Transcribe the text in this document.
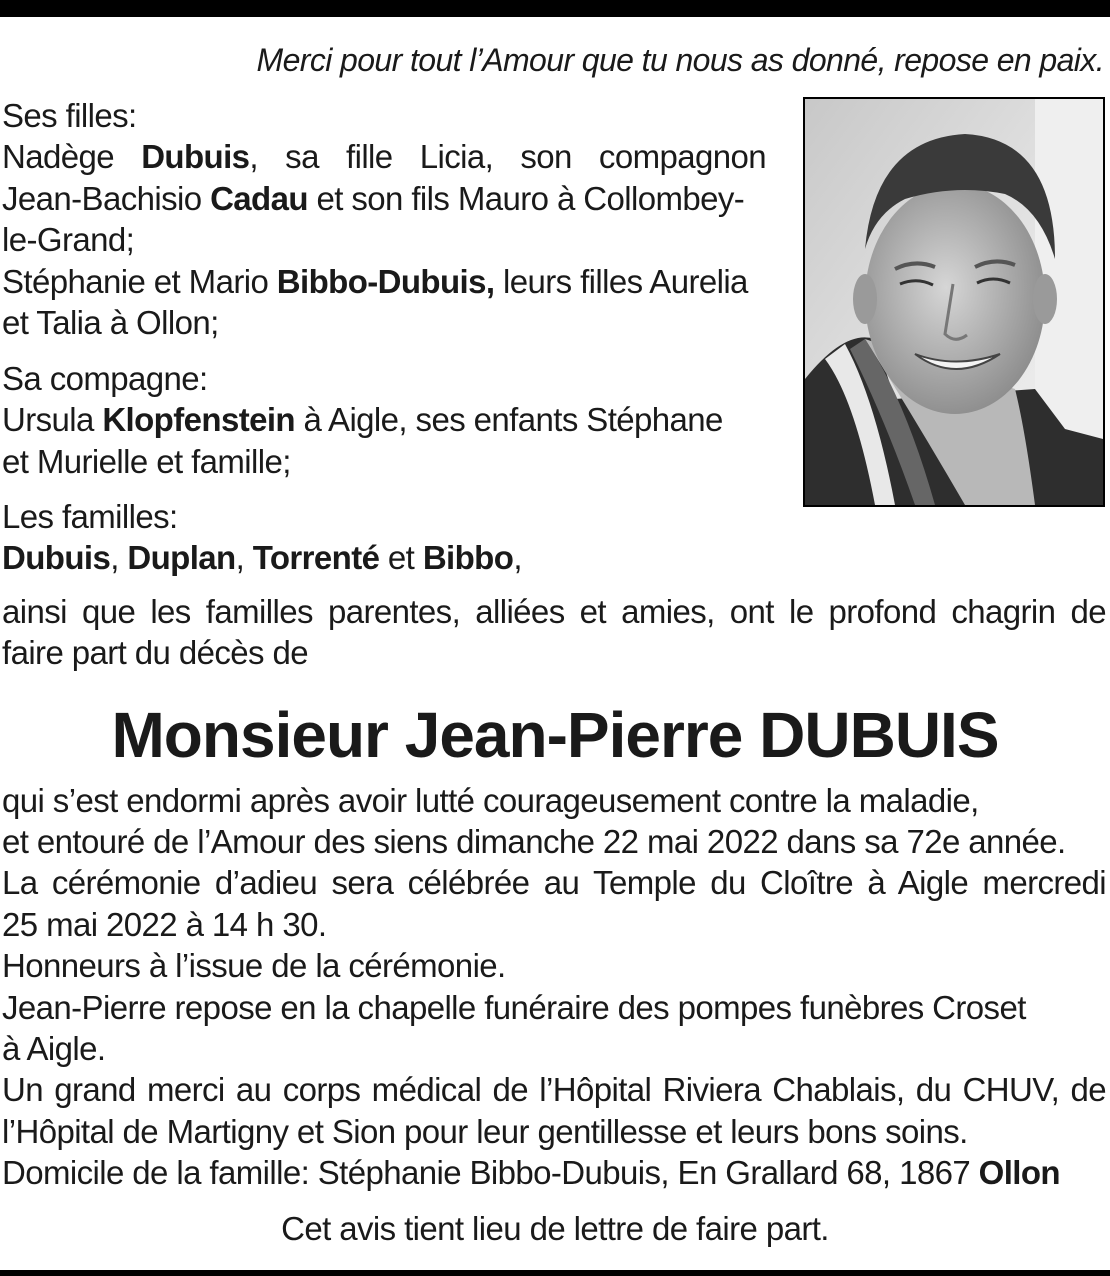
Merci pour tout l’Amour que tu nous as donné, repose en paix.
Ses filles:
Nadège Dubuis, sa fille Licia, son compagnon
Jean-Bachisio Cadau et son fils Mauro à Collombey-
le-Grand;
Stéphanie et Mario Bibbo-Dubuis, leurs filles Aurelia
et Talia à Ollon;
Sa compagne:
Ursula Klopfenstein à Aigle, ses enfants Stéphane
et Murielle et famille;
Les familles:
Dubuis, Duplan, Torrenté et Bibbo,
ainsi que les familles parentes, alliées et amies, ont le profond chagrin de
faire part du décès de
Monsieur Jean-Pierre DUBUIS
qui s’est endormi après avoir lutté courageusement contre la maladie,
et entouré de l’Amour des siens dimanche 22 mai 2022 dans sa 72e année.
La cérémonie d’adieu sera célébrée au Temple du Cloître à Aigle mercredi
25 mai 2022 à 14 h 30.
Honneurs à l’issue de la cérémonie.
Jean-Pierre repose en la chapelle funéraire des pompes funèbres Croset
à Aigle.
Un grand merci au corps médical de l’Hôpital Riviera Chablais, du CHUV, de
l’Hôpital de Martigny et Sion pour leur gentillesse et leurs bons soins.
Domicile de la famille: Stéphanie Bibbo-Dubuis, En Grallard 68, 1867 Ollon
Cet avis tient lieu de lettre de faire part.
